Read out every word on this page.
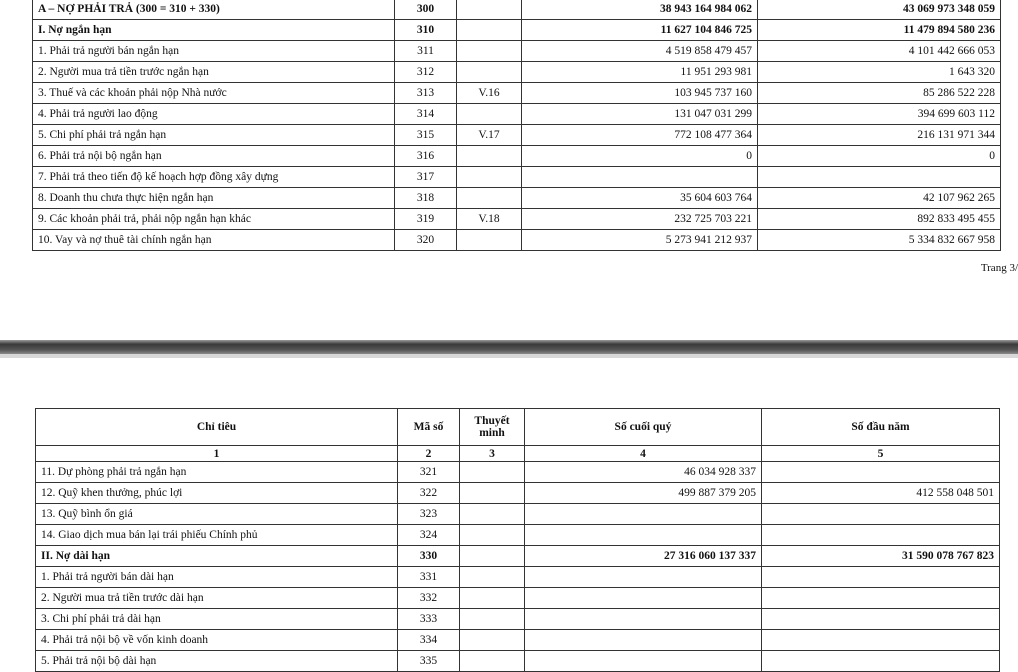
A – NỢ PHẢI TRẢ (300 = 310 + 330)	300		38 943 164 984 062	43 069 973 348 059
I. Nợ ngắn hạn	310		11 627 104 846 725	11 479 894 580 236
1. Phải trả người bán ngắn hạn	311		4 519 858 479 457	4 101 442 666 053
2. Người mua trả tiền trước ngắn hạn	312		11 951 293 981	1 643 320
3. Thuế và các khoản phải nộp Nhà nước	313	V.16	103 945 737 160	85 286 522 228
4. Phải trả người lao động	314		131 047 031 299	394 699 603 112
5. Chi phí phải trả ngắn hạn	315	V.17	772 108 477 364	216 131 971 344
6. Phải trả nội bộ ngắn hạn	316		0	0
7. Phải trả theo tiến độ kế hoạch hợp đồng xây dựng	317			
8. Doanh thu chưa thực hiện ngắn hạn	318		35 604 603 764	42 107 962 265
9. Các khoản phải trả, phải nộp ngắn hạn khác	319	V.18	232 725 703 221	892 833 495 455
10. Vay và nợ thuê tài chính ngắn hạn	320		5 273 941 212 937	5 334 832 667 958
Trang 3/
Chỉ tiêu	Mã số	Thuyết minh	Số cuối quý	Số đầu năm
1	2	3	4	5
11. Dự phòng phải trả ngắn hạn	321		46 034 928 337	
12. Quỹ khen thưởng, phúc lợi	322		499 887 379 205	412 558 048 501
13. Quỹ bình ổn giá	323			
14. Giao dịch mua bán lại trái phiếu Chính phủ	324			
II. Nợ dài hạn	330		27 316 060 137 337	31 590 078 767 823
1. Phải trả người bán dài hạn	331			
2. Người mua trả tiền trước dài hạn	332			
3. Chi phí phải trả dài hạn	333			
4. Phải trả nội bộ về vốn kinh doanh	334			
5. Phải trả nội bộ dài hạn	335			
